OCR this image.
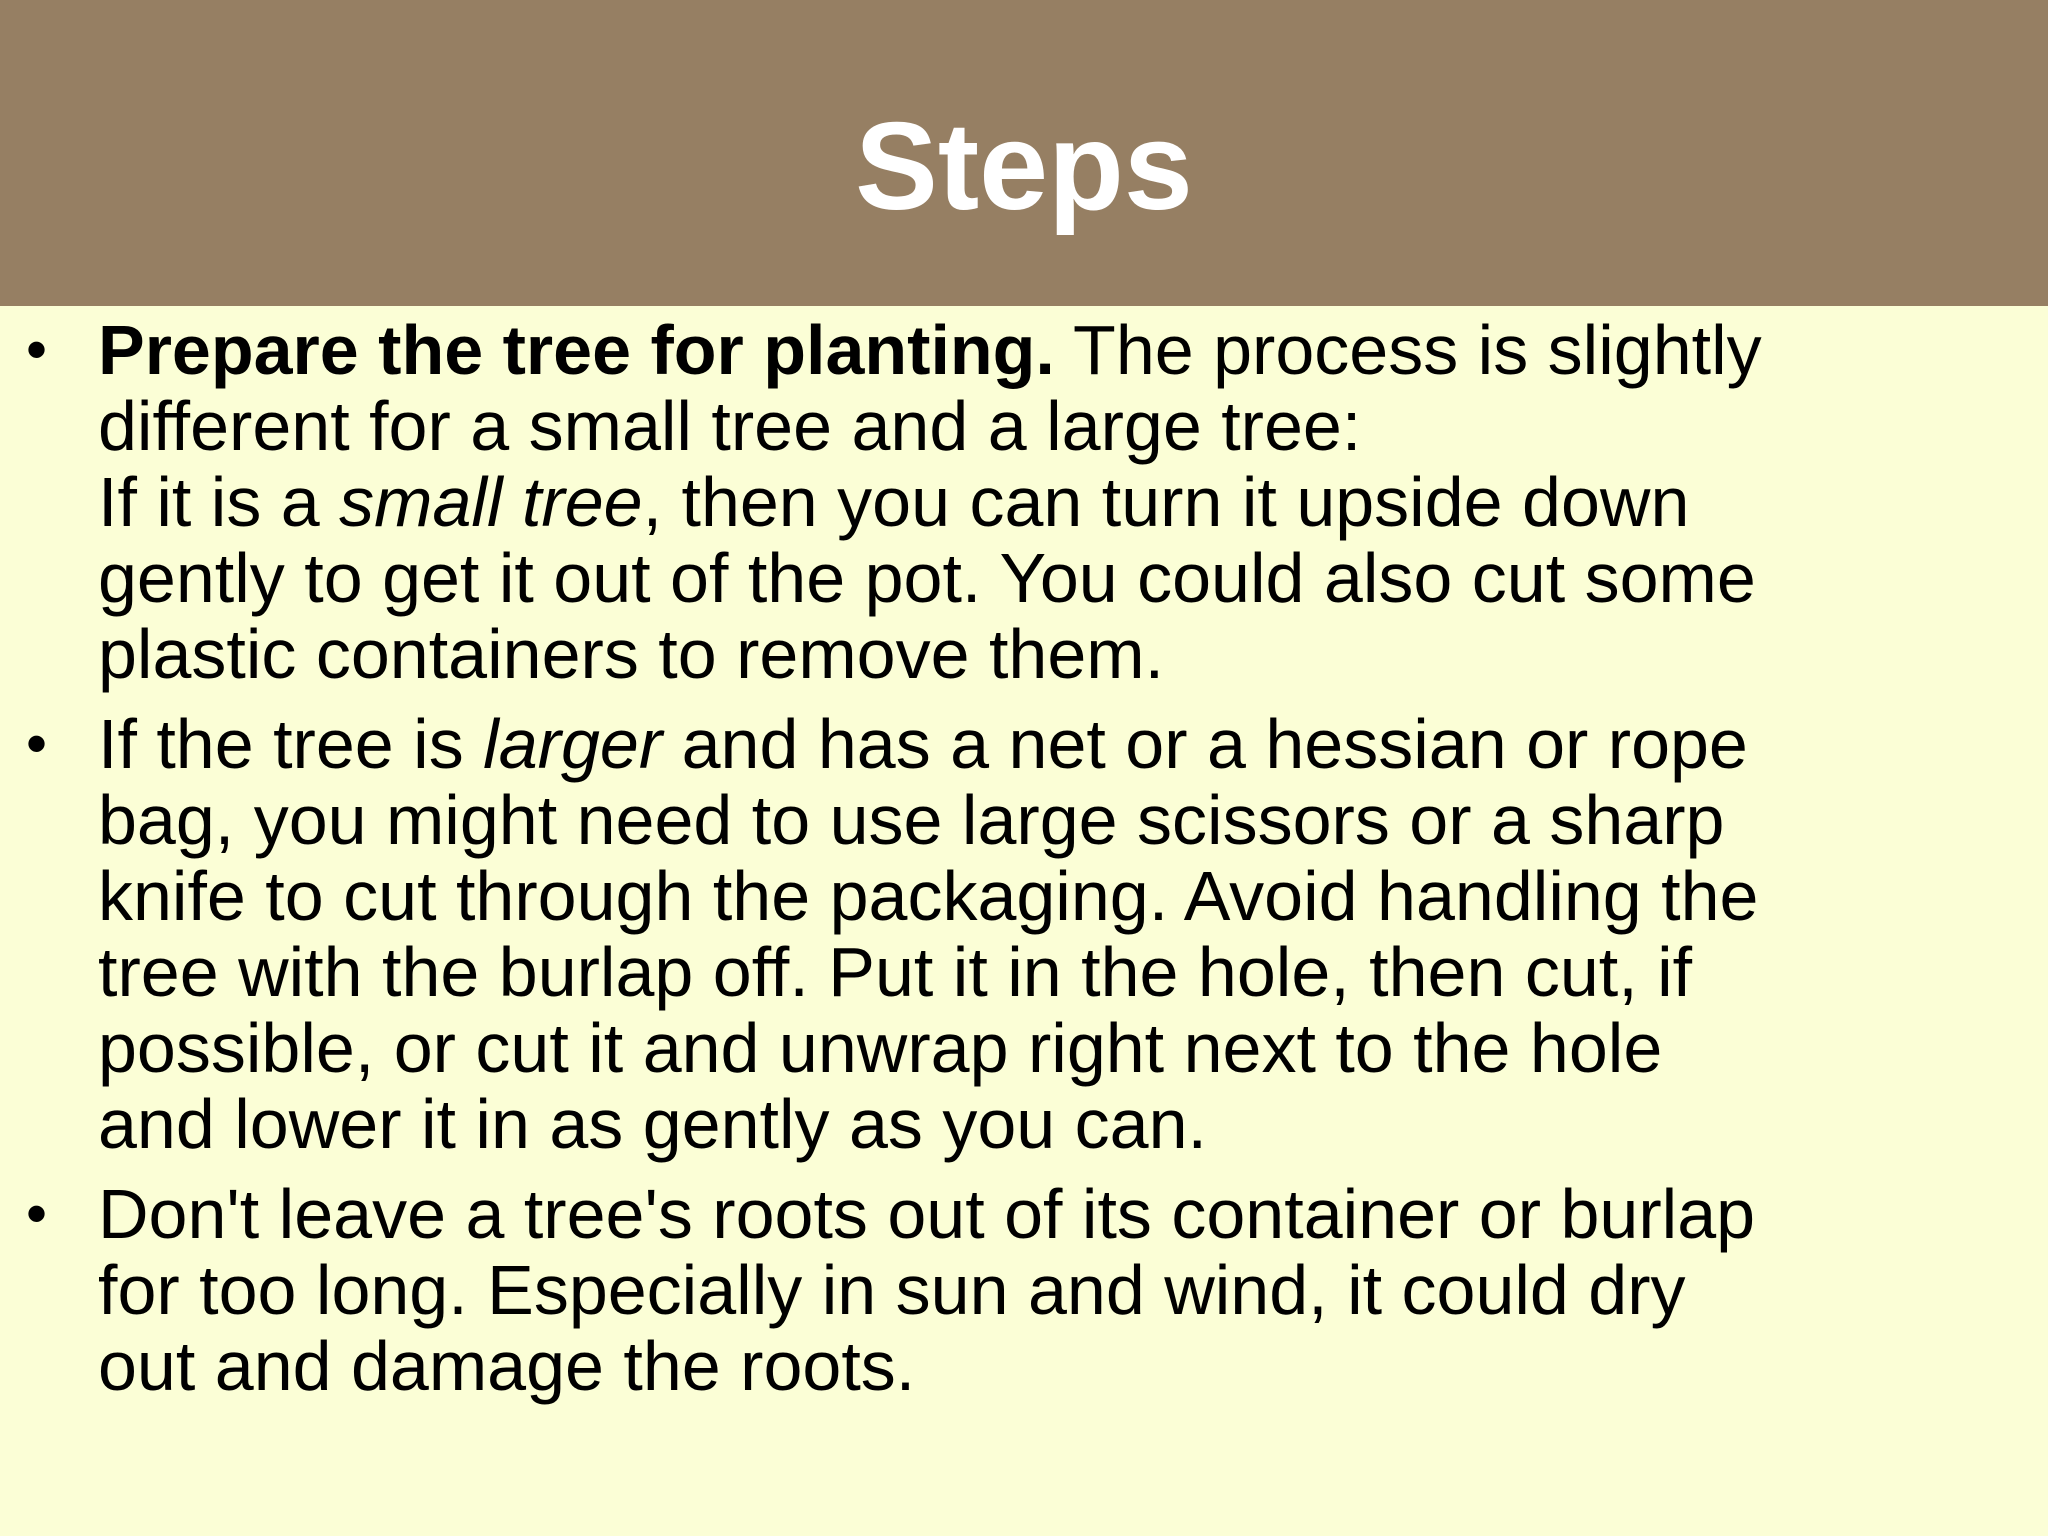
Steps
• Prepare the tree for planting. The process is slightly
different for a small tree and a large tree:
If it is a small tree, then you can turn it upside down
gently to get it out of the pot. You could also cut some
plastic containers to remove them.
• If the tree is larger and has a net or a hessian or rope
bag, you might need to use large scissors or a sharp
knife to cut through the packaging. Avoid handling the
tree with the burlap off. Put it in the hole, then cut, if
possible, or cut it and unwrap right next to the hole
and lower it in as gently as you can.
• Don't leave a tree's roots out of its container or burlap
for too long. Especially in sun and wind, it could dry
out and damage the roots.
